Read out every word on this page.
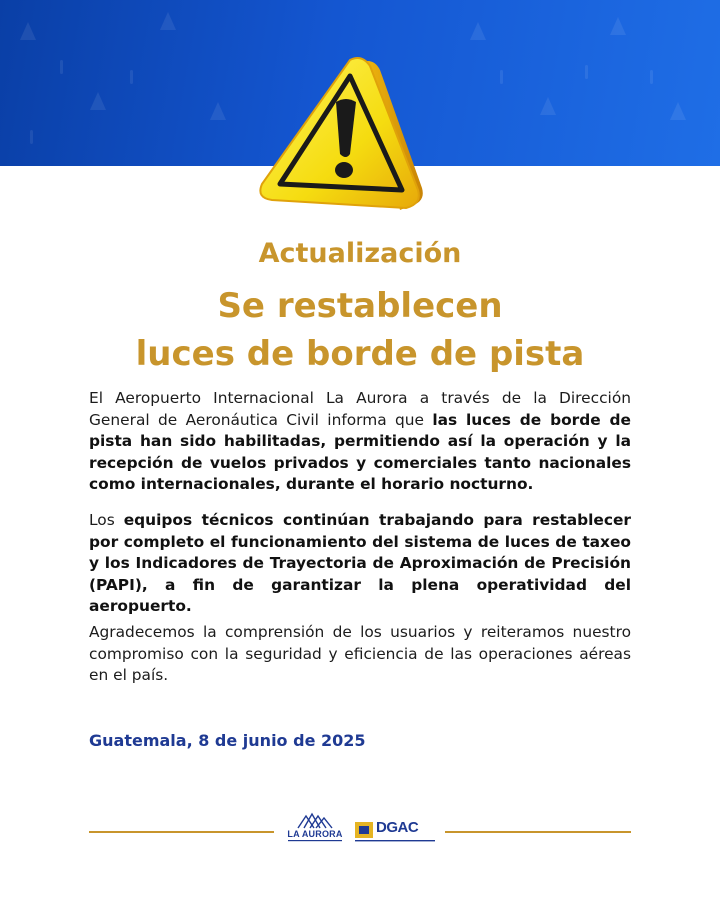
Actualización

Se restablecen
luces de borde de pista

El Aeropuerto Internacional La Aurora a través de la Dirección General de Aeronáutica Civil informa que las luces de borde de pista han sido habilitadas, permitiendo así la operación y la recepción de vuelos privados y comerciales tanto nacionales como internacionales, durante el horario nocturno.

Los equipos técnicos continúan trabajando para restablecer por completo el funcionamiento del sistema de luces de taxeo y los Indicadores de Trayectoria de Aproximación de Precisión (PAPI), a fin de garantizar la plena operatividad del aeropuerto.

Agradecemos la comprensión de los usuarios y reiteramos nuestro compromiso con la seguridad y eficiencia de las operaciones aéreas en el país.

Guatemala, 8 de junio de 2025

LA AURORA DGAC
